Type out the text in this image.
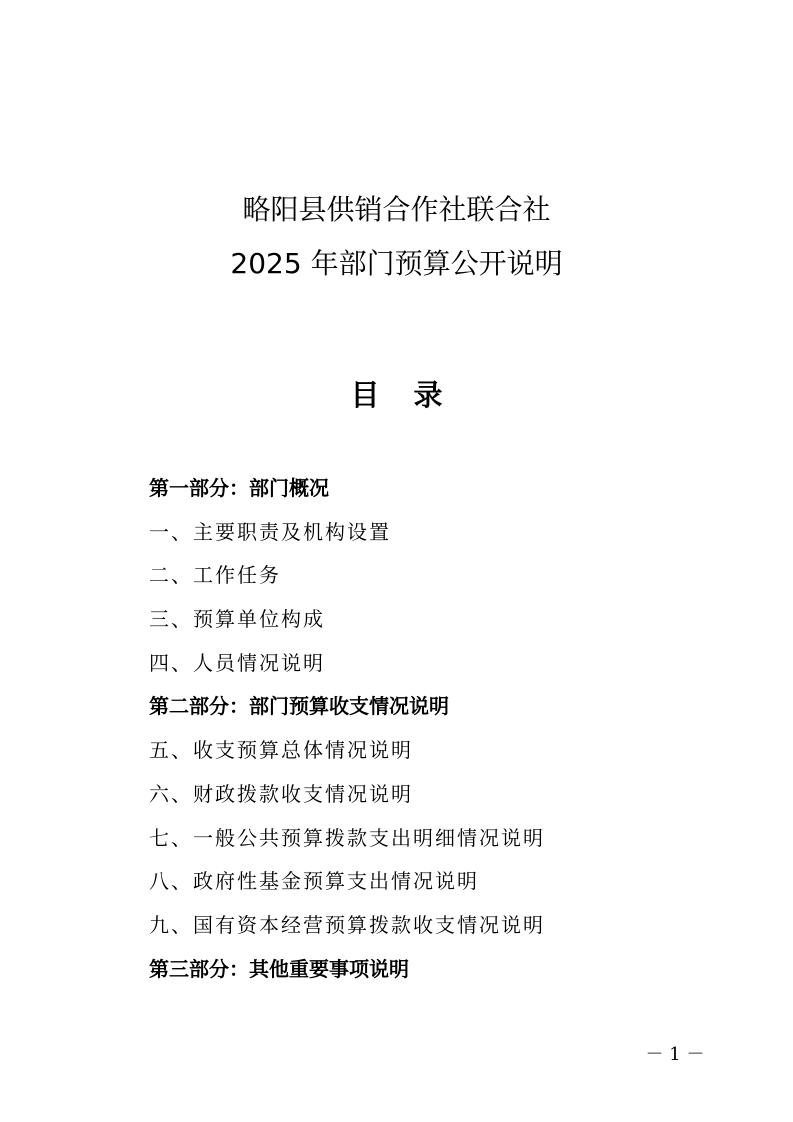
略阳县供销合作社联合社
2025 年部门预算公开说明
目录
第一部分：部门概况
一、主要职责及机构设置
二、工作任务
三、预算单位构成
四、人员情况说明
第二部分：部门预算收支情况说明
五、收支预算总体情况说明
六、财政拨款收支情况说明
七、一般公共预算拨款支出明细情况说明
八、政府性基金预算支出情况说明
九、国有资本经营预算拨款收支情况说明
第三部分：其他重要事项说明
－ 1 －
